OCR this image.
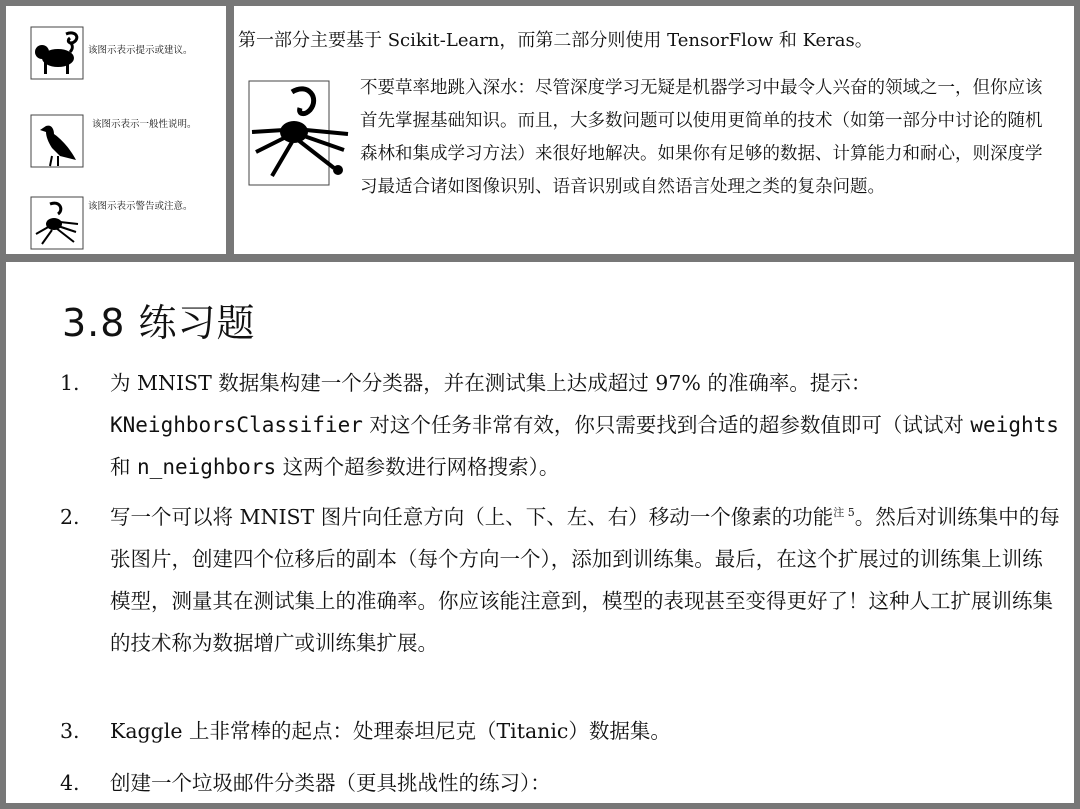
该图示表示提示或建议。
该图示表示一般性说明。
该图示表示警告或注意。
第一部分主要基于 Scikit-Learn，而第二部分则使用 TensorFlow 和 Keras。
不要草率地跳入深水：尽管深度学习无疑是机器学习中最令人兴奋的领域之一，但你应该首先掌握基础知识。而且，大多数问题可以使用更简单的技术（如第一部分中讨论的随机森林和集成学习方法）来很好地解决。如果你有足够的数据、计算能力和耐心，则深度学习最适合诸如图像识别、语音识别或自然语言处理之类的复杂问题。
3.8 练习题
1.	为 MNIST 数据集构建一个分类器，并在测试集上达成超过 97% 的准确率。提示：KNeighborsClassifier 对这个任务非常有效，你只需要找到合适的超参数值即可（试试对 weights 和 n_neighbors 这两个超参数进行网格搜索）。
2.	写一个可以将 MNIST 图片向任意方向（上、下、左、右）移动一个像素的功能$^{注 5}$。然后对训练集中的每张图片，创建四个位移后的副本（每个方向一个），添加到训练集。最后，在这个扩展过的训练集上训练模型，测量其在测试集上的准确率。你应该能注意到，模型的表现甚至变得更好了！这种人工扩展训练集的技术称为数据增广或训练集扩展。
3.	Kaggle 上非常棒的起点：处理泰坦尼克（Titanic）数据集。
4.	创建一个垃圾邮件分类器（更具挑战性的练习）：
